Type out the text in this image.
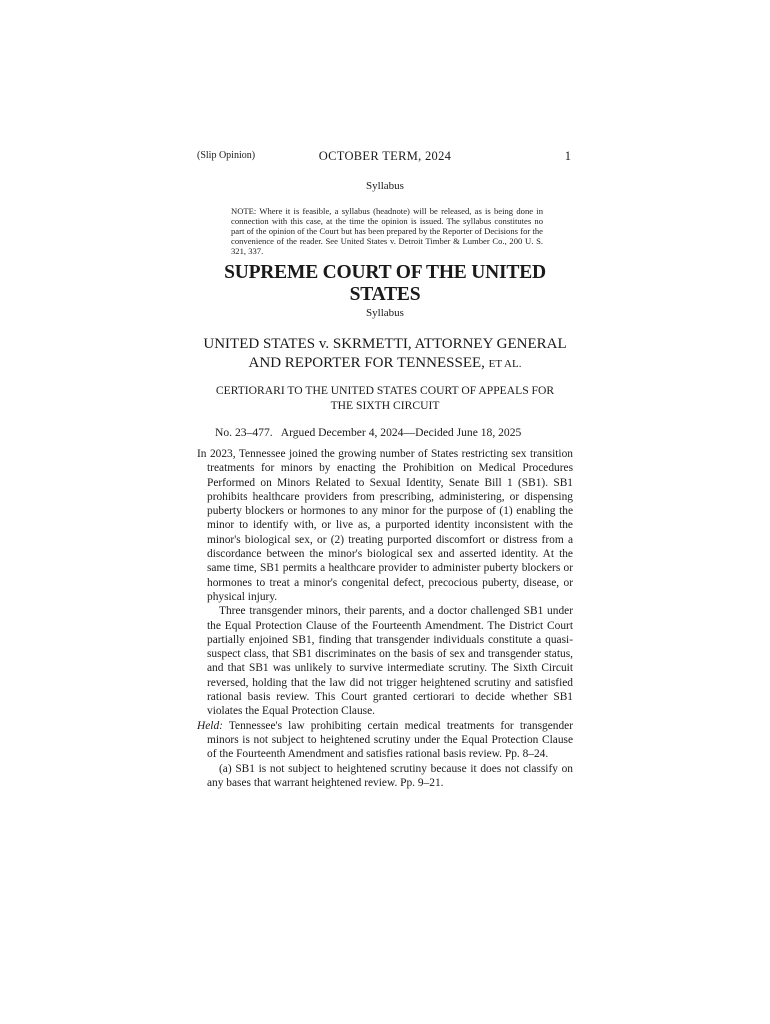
(Slip Opinion)	OCTOBER TERM, 2024	1
Syllabus
NOTE: Where it is feasible, a syllabus (headnote) will be released, as is being done in connection with this case, at the time the opinion is issued. The syllabus constitutes no part of the opinion of the Court but has been prepared by the Reporter of Decisions for the convenience of the reader. See United States v. Detroit Timber & Lumber Co., 200 U. S. 321, 337.
SUPREME COURT OF THE UNITED STATES
Syllabus
UNITED STATES v. SKRMETTI, ATTORNEY GENERAL
AND REPORTER FOR TENNESSEE, ET AL.
CERTIORARI TO THE UNITED STATES COURT OF APPEALS FOR
THE SIXTH CIRCUIT
No. 23–477.   Argued December 4, 2024—Decided June 18, 2025

In 2023, Tennessee joined the growing number of States restricting sex transition treatments for minors by enacting the Prohibition on Medical Procedures Performed on Minors Related to Sexual Identity, Senate Bill 1 (SB1). SB1 prohibits healthcare providers from prescribing, administering, or dispensing puberty blockers or hormones to any minor for the purpose of (1) enabling the minor to identify with, or live as, a purported identity inconsistent with the minor's biological sex, or (2) treating purported discomfort or distress from a discordance between the minor's biological sex and asserted identity. At the same time, SB1 permits a healthcare provider to administer puberty blockers or hormones to treat a minor's congenital defect, precocious puberty, disease, or physical injury.

Three transgender minors, their parents, and a doctor challenged SB1 under the Equal Protection Clause of the Fourteenth Amendment. The District Court partially enjoined SB1, finding that transgender individuals constitute a quasi-suspect class, that SB1 discriminates on the basis of sex and transgender status, and that SB1 was unlikely to survive intermediate scrutiny. The Sixth Circuit reversed, holding that the law did not trigger heightened scrutiny and satisfied rational basis review. This Court granted certiorari to decide whether SB1 violates the Equal Protection Clause.

Held: Tennessee's law prohibiting certain medical treatments for transgender minors is not subject to heightened scrutiny under the Equal Protection Clause of the Fourteenth Amendment and satisfies rational basis review. Pp. 8–24.

(a) SB1 is not subject to heightened scrutiny because it does not classify on any bases that warrant heightened review. Pp. 9–21.
